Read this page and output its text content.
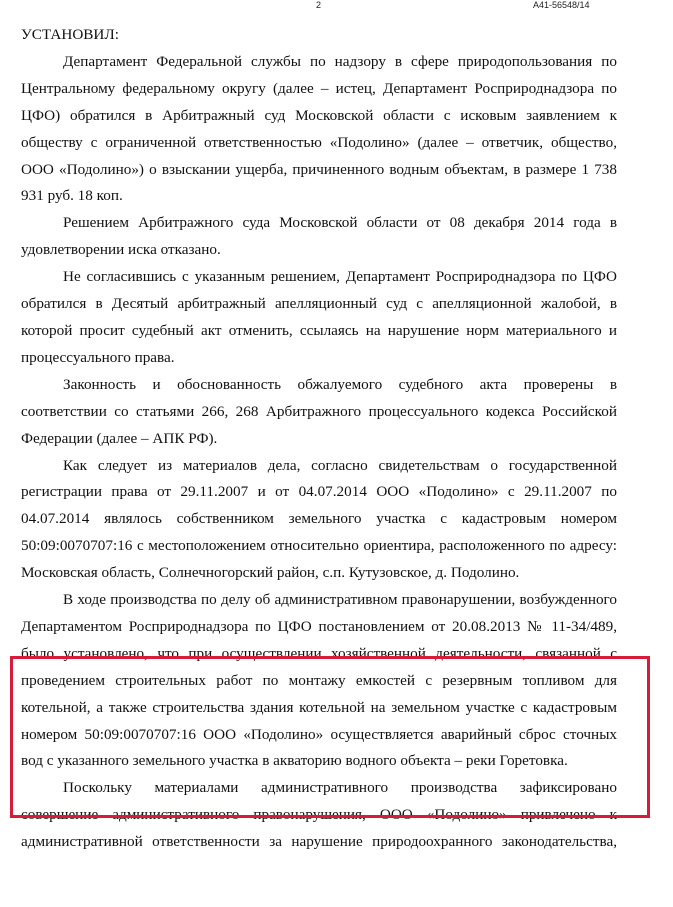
2	А41-56548/14

УСТАНОВИЛ:

Департамент Федеральной службы по надзору в сфере природопользования по Центральному федеральному округу (далее – истец, Департамент Росприроднадзора по ЦФО) обратился в Арбитражный суд Московской области с исковым заявлением к обществу с ограниченной ответственностью «Подолино» (далее – ответчик, общество, ООО «Подолино») о взыскании ущерба, причиненного водным объектам, в размере 1 738 931 руб. 18 коп.

Решением Арбитражного суда Московской области от 08 декабря 2014 года в удовлетворении иска отказано.

Не согласившись с указанным решением, Департамент Росприроднадзора по ЦФО обратился в Десятый арбитражный апелляционный суд с апелляционной жалобой, в которой просит судебный акт отменить, ссылаясь на нарушение норм материального и процессуального права.

Законность и обоснованность обжалуемого судебного акта проверены в соответствии со статьями 266, 268 Арбитражного процессуального кодекса Российской Федерации (далее – АПК РФ).

Как следует из материалов дела, согласно свидетельствам о государственной регистрации права от 29.11.2007 и от 04.07.2014 ООО «Подолино» с 29.11.2007 по 04.07.2014 являлось собственником земельного участка с кадастровым номером 50:09:0070707:16 с местоположением относительно ориентира, расположенного по адресу: Московская область, Солнечногорский район, с.п. Кутузовское, д. Подолино.

В ходе производства по делу об административном правонарушении, возбужденного Департаментом Росприроднадзора по ЦФО постановлением от 20.08.2013 № 11-34/489, было установлено, что при осуществлении хозяйственной деятельности, связанной с проведением строительных работ по монтажу емкостей с резервным топливом для котельной, а также строительства здания котельной на земельном участке с кадастровым номером 50:09:0070707:16 ООО «Подолино» осуществляется аварийный сброс сточных вод с указанного земельного участка в акваторию водного объекта – реки Горетовка.

Поскольку материалами административного производства зафиксировано совершение административного правонарушения, ООО «Подолино» привлечено к административной ответственности за нарушение природоохранного законодательства,
